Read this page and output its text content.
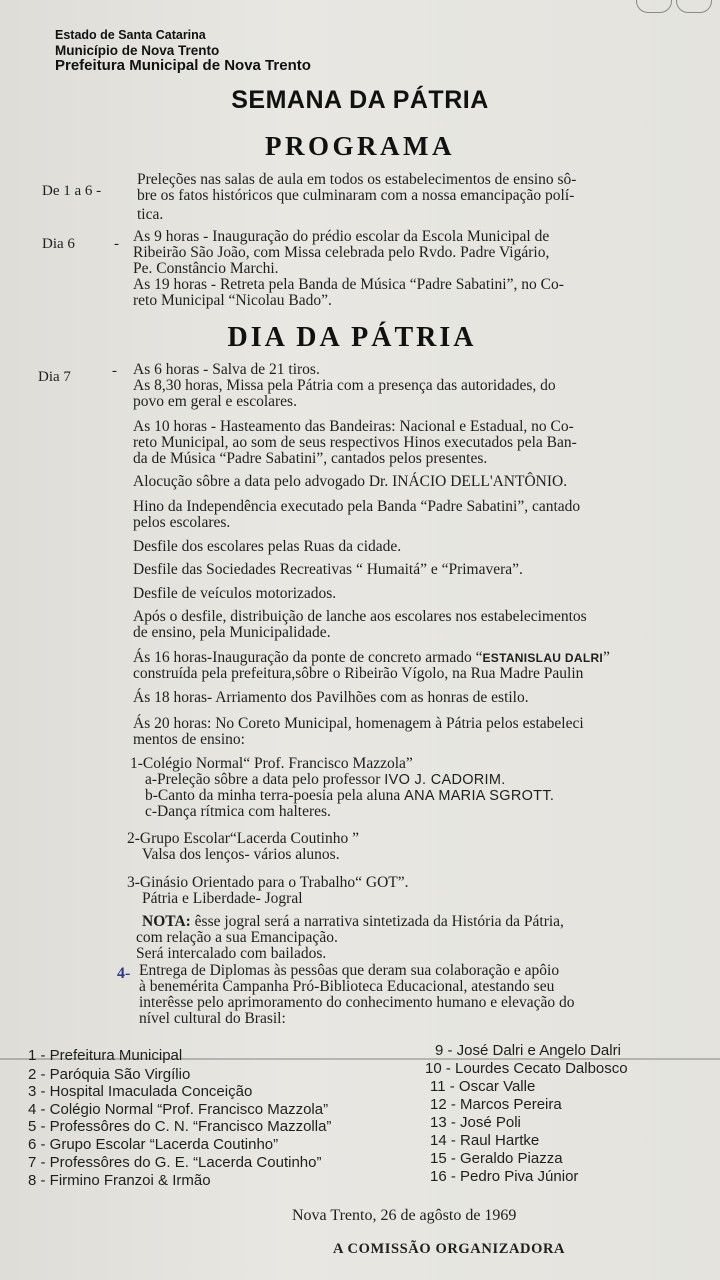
Estado de Santa Catarina
Município de Nova Trento
Prefeitura Municipal de Nova Trento
SEMANA DA PÁTRIA
PROGRAMA
De 1 a 6 -
Preleções nas salas de aula em todos os estabelecimentos de ensino sô-
bre os fatos históricos que culminaram com a nossa emancipação polí-
tica.
Dia 6	- As 9 horas - Inauguração do prédio escolar da Escola Municipal de
Ribeirão São João, com Missa celebrada pelo Rvdo. Padre Vigário,
Pe. Constâncio Marchi.
As 19 horas - Retreta pela Banda de Música “Padre Sabatini”, no Co-
reto Municipal “Nicolau Bado”.
DIA DA PÁTRIA
Dia 7	- As 6 horas - Salva de 21 tiros.
As 8,30 horas, Missa pela Pátria com a presença das autoridades, do
povo em geral e escolares.
As 10 horas - Hasteamento das Bandeiras: Nacional e Estadual, no Co-
reto Municipal, ao som de seus respectivos Hinos executados pela Ban-
da de Música “Padre Sabatini”, cantados pelos presentes.
Alocução sôbre a data pelo advogado Dr. INÁCIO DELL'ANTÔNIO.
Hino da Independência executado pela Banda “Padre Sabatini”, cantado
pelos escolares.
Desfile dos escolares pelas Ruas da cidade.
Desfile das Sociedades Recreativas “ Humaitá” e “Primavera”.
Desfile de veículos motorizados.
Após o desfile, distribuição de lanche aos escolares nos estabelecimentos
de ensino, pela Municipalidade.
Ás 16 horas-Inauguração da ponte de concreto armado “ESTANISLAU DALRI”
construída pela prefeitura,sôbre o Ribeirão Vígolo, na Rua Madre Paulin
Ás 18 horas- Arriamento dos Pavilhões com as honras de estilo.
Ás 20 horas: No Coreto Municipal, homenagem à Pátria pelos estabeleci
mentos de ensino:
1-Colégio Normal“ Prof. Francisco Mazzola”
a-Preleção sôbre a data pelo professor IVO J. CADORIM.
b-Canto da minha terra-poesia pela aluna ANA MARIA SGROTT.
c-Dança rítmica com halteres.
2-Grupo Escolar“Lacerda Coutinho ”
Valsa dos lenços- vários alunos.
3-Ginásio Orientado para o Trabalho“ GOT”.
Pátria e Liberdade- Jogral
NOTA: êsse jogral será a narrativa sintetizada da História da Pátria,
com relação a sua Emancipação.
Será intercalado com bailados.
4- Entrega de Diplomas às pessôas que deram sua colaboração e apôio
à benemérita Campanha Pró-Biblioteca Educacional, atestando seu
interêsse pelo aprimoramento do conhecimento humano e elevação do
nível cultural do Brasil:
1 - Prefeitura Municipal
2 - Paróquia São Virgílio
3 - Hospital Imaculada Conceição
4 - Colégio Normal “Prof. Francisco Mazzola”
5 - Professôres do C. N. “Francisco Mazzolla”
6 - Grupo Escolar “Lacerda Coutinho”
7 - Professôres do G. E. “Lacerda Coutinho”
8 - Firmino Franzoi & Irmão
9 - José Dalri e Angelo Dalri
10 - Lourdes Cecato Dalbosco
11 - Oscar Valle
12 - Marcos Pereira
13 - José Poli
14 - Raul Hartke
15 - Geraldo Piazza
16 - Pedro Piva Júnior
Nova Trento, 26 de agôsto de 1969
A COMISSÃO ORGANIZADORA
